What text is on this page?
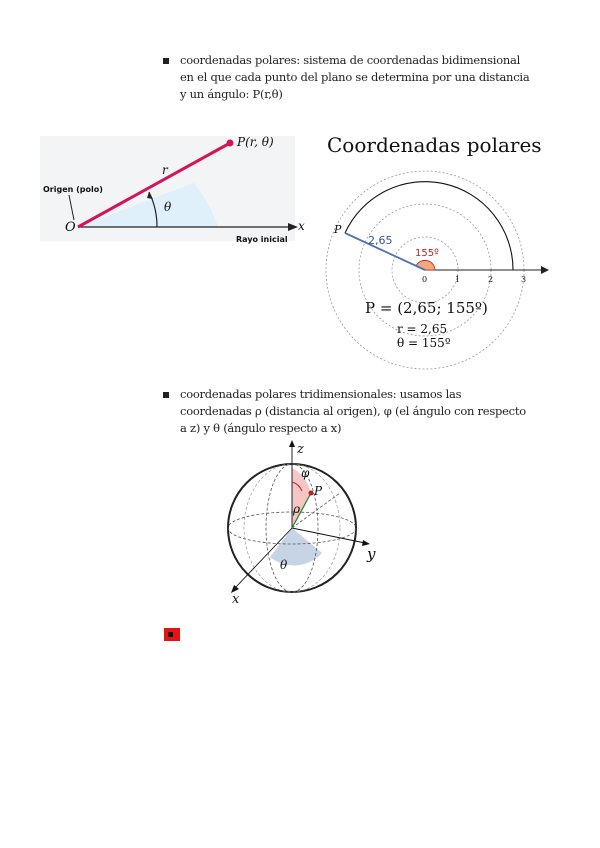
coordenadas polares: sistema de coordenadas bidimensional en el que cada punto del plano se determina por una distancia y un ángulo: P(r,θ)
P(r, θ)
r
θ
O
Origen (polo)
x
Rayo inicial
Coordenadas polares
P
2,65
155º
0	1	2	3
P = (2,65; 155º)
r = 2,65
θ = 155º
coordenadas polares tridimensionales: usamos las coordenadas ρ (distancia al origen), φ (el ángulo con respecto a z) y θ (ángulo respecto a x)
z
y
x
φ
ρ
θ
P
